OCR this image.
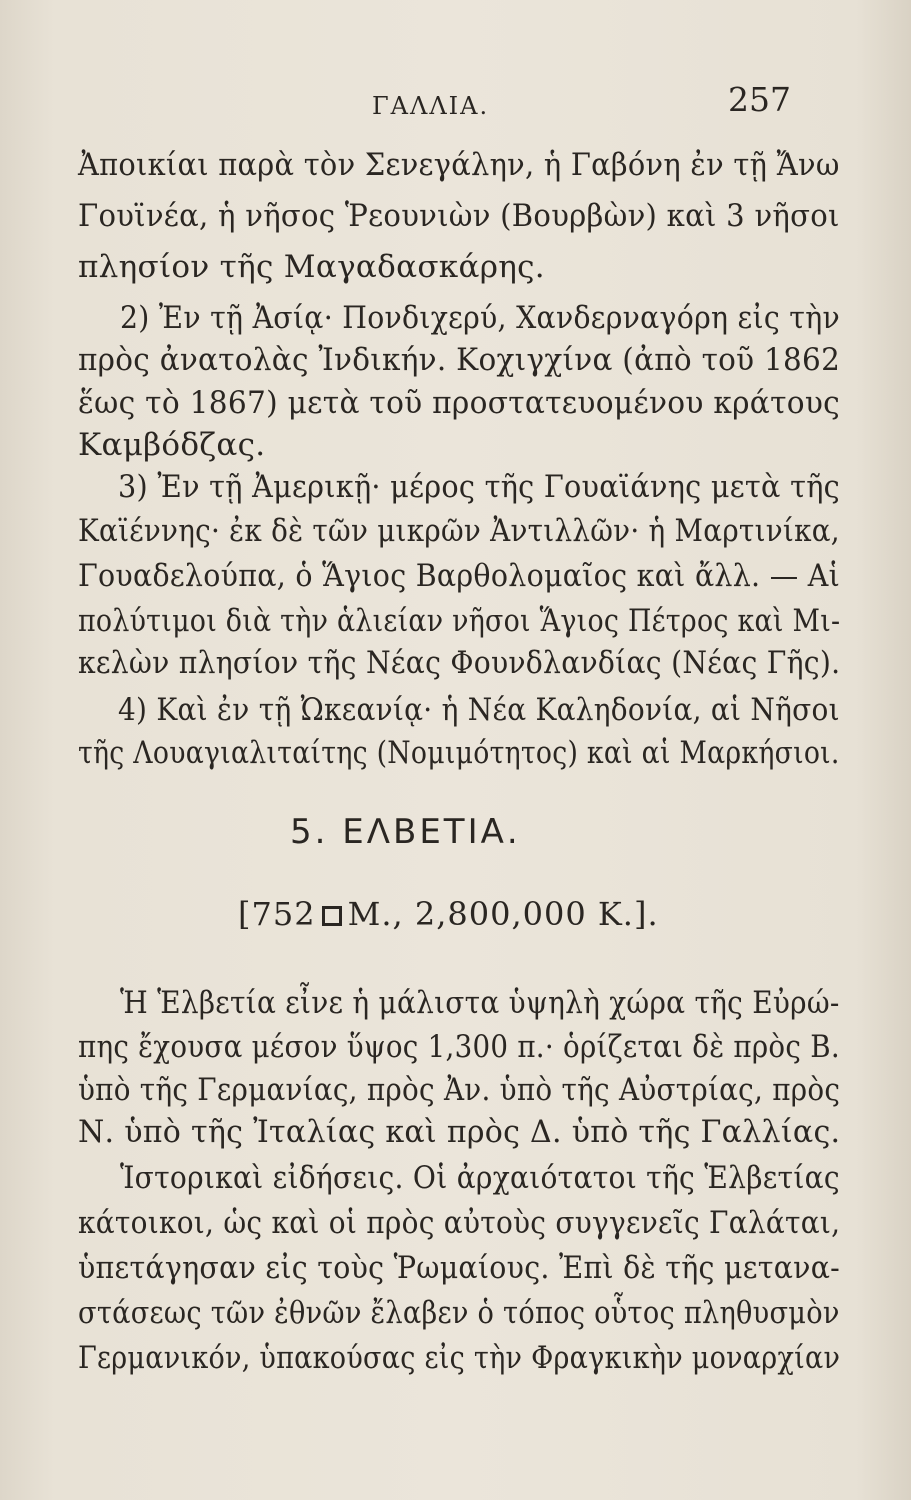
ΓΑΛΛΙΑ.	257
Ἀποικίαι παρὰ τὸν Σενεγάλην, ἡ Γαβόνη ἐν τῇ Ἄνω
Γουϊνέα, ἡ νῆσος Ῥεουνιὼν (Βουρβὼν) καὶ 3 νῆσοι
πλησίον τῆς Μαγαδασκάρης.
2) Ἐν τῇ Ἀσίᾳ· Πονδιχερύ, Χανδερναγόρη εἰς τὴν
πρὸς ἀνατολὰς Ἰνδικήν. Κοχιγχίνα (ἀπὸ τοῦ 1862
ἕως τὸ 1867) μετὰ τοῦ προστατευομένου κράτους
Καμβόδζας.
3) Ἐν τῇ Ἀμερικῇ· μέρος τῆς Γουαϊάνης μετὰ τῆς
Καϊέννης· ἐκ δὲ τῶν μικρῶν Ἀντιλλῶν· ἡ Μαρτινίκα,
Γουαδελούπα, ὁ Ἅγιος Βαρθολομαῖος καὶ ἄλλ. — Αἱ
πολύτιμοι διὰ τὴν ἁλιείαν νῆσοι Ἅγιος Πέτρος καὶ Μι-
κελὼν πλησίον τῆς Νέας Φουνδλανδίας (Νέας Γῆς).
4) Καὶ ἐν τῇ Ὠκεανίᾳ· ἡ Νέα Καληδονία, αἱ Νῆσοι
τῆς Λουαγιαλιταίτης (Νομιμότητος) καὶ αἱ Μαρκήσιοι.
5. ΕΛΒΕΤΙΑ.
[752 Μ., 2,800,000 Κ.].
Ἡ Ἑλβετία εἶνε ἡ μάλιστα ὑψηλὴ χώρα τῆς Εὐρώ-
πης ἔχουσα μέσον ὕψος 1,300 π.· ὁρίζεται δὲ πρὸς Β.
ὑπὸ τῆς Γερμανίας, πρὸς Ἀν. ὑπὸ τῆς Αὐστρίας, πρὸς
Ν. ὑπὸ τῆς Ἰταλίας καὶ πρὸς Δ. ὑπὸ τῆς Γαλλίας.
Ἱστορικαὶ εἰδήσεις. Οἱ ἀρχαιότατοι τῆς Ἑλβετίας
κάτοικοι, ὡς καὶ οἱ πρὸς αὐτοὺς συγγενεῖς Γαλάται,
ὑπετάγησαν εἰς τοὺς Ῥωμαίους. Ἐπὶ δὲ τῆς μετανα-
στάσεως τῶν ἐθνῶν ἔλαβεν ὁ τόπος οὗτος πληθυσμὸν
Γερμανικόν, ὑπακούσας εἰς τὴν Φραγκικὴν μοναρχίαν
